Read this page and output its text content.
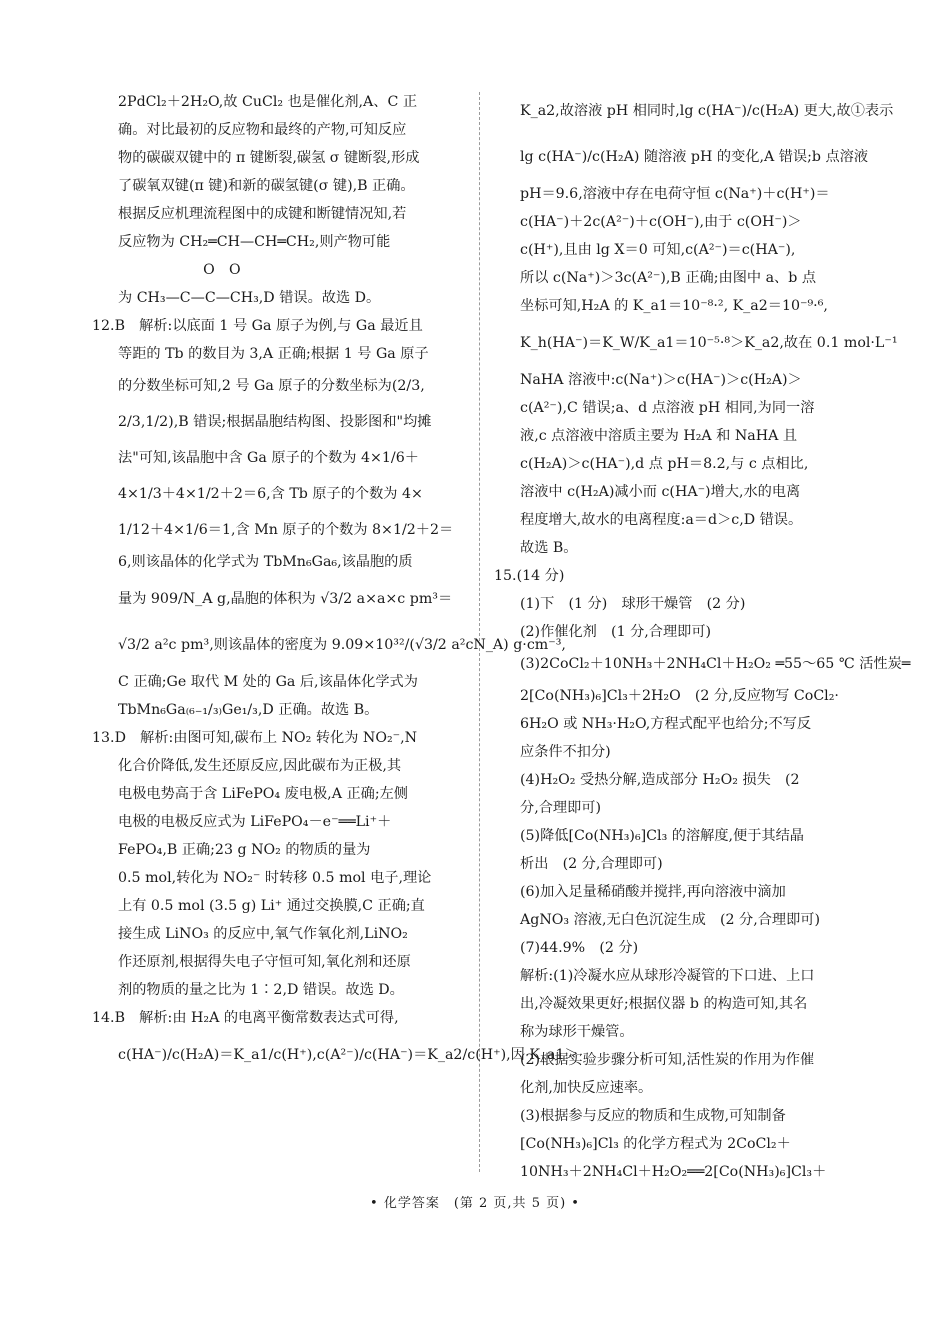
2PdCl₂＋2H₂O,故 CuCl₂ 也是催化剂,A、C 正
确。对比最初的反应物和最终的产物,可知反应
物的碳碳双键中的 π 键断裂,碳氢 σ 键断裂,形成
了碳氧双键(π 键)和新的碳氢键(σ 键),B 正确。
根据反应机理流程图中的成键和断键情况知,若
反应物为 CH₂═CH—CH═CH₂,则产物可能
　　　　　　O　O
为 CH₃—C—C—CH₃,D 错误。故选 D。
12.B　解析:以底面 1 号 Ga 原子为例,与 Ga 最近且
等距的 Tb 的数目为 3,A 正确;根据 1 号 Ga 原子
的分数坐标可知,2 号 Ga 原子的分数坐标为(2/3,
2/3,1/2),B 错误;根据晶胞结构图、投影图和"均摊
法"可知,该晶胞中含 Ga 原子的个数为 4×1/6＋
4×1/3＋4×1/2＋2＝6,含 Tb 原子的个数为 4×
1/12＋4×1/6＝1,含 Mn 原子的个数为 8×1/2＋2＝
6,则该晶体的化学式为 TbMn₆Ga₆,该晶胞的质
量为 909/N_A g,晶胞的体积为 √3/2 a×a×c pm³＝
√3/2 a²c pm³,则该晶体的密度为 9.09×10³²/(√3/2 a²cN_A) g·cm⁻³,
C 正确;Ge 取代 M 处的 Ga 后,该晶体化学式为
TbMn₆Ga₍₆₋₁/₃₎Ge₁/₃,D 正确。故选 B。
13.D　解析:由图可知,碳布上 NO₂ 转化为 NO₂⁻,N
化合价降低,发生还原反应,因此碳布为正极,其
电极电势高于含 LiFePO₄ 废电极,A 正确;左侧
电极的电极反应式为 LiFePO₄－e⁻══Li⁺＋
FePO₄,B 正确;23 g NO₂ 的物质的量为
0.5 mol,转化为 NO₂⁻ 时转移 0.5 mol 电子,理论
上有 0.5 mol (3.5 g) Li⁺ 通过交换膜,C 正确;直
接生成 LiNO₃ 的反应中,氧气作氧化剂,LiNO₂
作还原剂,根据得失电子守恒可知,氧化剂和还原
剂的物质的量之比为 1∶2,D 错误。故选 D。
14.B　解析:由 H₂A 的电离平衡常数表达式可得,
c(HA⁻)/c(H₂A)＝K_a1/c(H⁺),c(A²⁻)/c(HA⁻)＝K_a2/c(H⁺),因 K_a1＞
K_a2,故溶液 pH 相同时,lg c(HA⁻)/c(H₂A) 更大,故①表示
lg c(HA⁻)/c(H₂A) 随溶液 pH 的变化,A 错误;b 点溶液
pH＝9.6,溶液中存在电荷守恒 c(Na⁺)＋c(H⁺)＝
c(HA⁻)＋2c(A²⁻)＋c(OH⁻),由于 c(OH⁻)＞
c(H⁺),且由 lg X＝0 可知,c(A²⁻)＝c(HA⁻),
所以 c(Na⁺)＞3c(A²⁻),B 正确;由图中 a、b 点
坐标可知,H₂A 的 K_a1＝10⁻⁸·², K_a2＝10⁻⁹·⁶,
K_h(HA⁻)＝K_W/K_a1＝10⁻⁵·⁸＞K_a2,故在 0.1 mol·L⁻¹
NaHA 溶液中:c(Na⁺)＞c(HA⁻)＞c(H₂A)＞
c(A²⁻),C 错误;a、d 点溶液 pH 相同,为同一溶
液,c 点溶液中溶质主要为 H₂A 和 NaHA 且
c(H₂A)＞c(HA⁻),d 点 pH＝8.2,与 c 点相比,
溶液中 c(H₂A)减小而 c(HA⁻)增大,水的电离
程度增大,故水的电离程度:a＝d＞c,D 错误。
故选 B。
15.(14 分)
(1)下　(1 分)　球形干燥管　(2 分)
(2)作催化剂　(1 分,合理即可)
(3)2CoCl₂＋10NH₃＋2NH₄Cl＋H₂O₂ ═55～65 ℃ 活性炭═
2[Co(NH₃)₆]Cl₃＋2H₂O　(2 分,反应物写 CoCl₂·
6H₂O 或 NH₃·H₂O,方程式配平也给分;不写反
应条件不扣分)
(4)H₂O₂ 受热分解,造成部分 H₂O₂ 损失　(2
分,合理即可)
(5)降低[Co(NH₃)₆]Cl₃ 的溶解度,便于其结晶
析出　(2 分,合理即可)
(6)加入足量稀硝酸并搅拌,再向溶液中滴加
AgNO₃ 溶液,无白色沉淀生成　(2 分,合理即可)
(7)44.9%　(2 分)
解析:(1)冷凝水应从球形冷凝管的下口进、上口
出,冷凝效果更好;根据仪器 b 的构造可知,其名
称为球形干燥管。
(2)根据实验步骤分析可知,活性炭的作用为作催
化剂,加快反应速率。
(3)根据参与反应的物质和生成物,可知制备
[Co(NH₃)₆]Cl₃ 的化学方程式为 2CoCl₂＋
10NH₃＋2NH₄Cl＋H₂O₂══2[Co(NH₃)₆]Cl₃＋
• 化学答案　(第 2 页,共 5 页) •
